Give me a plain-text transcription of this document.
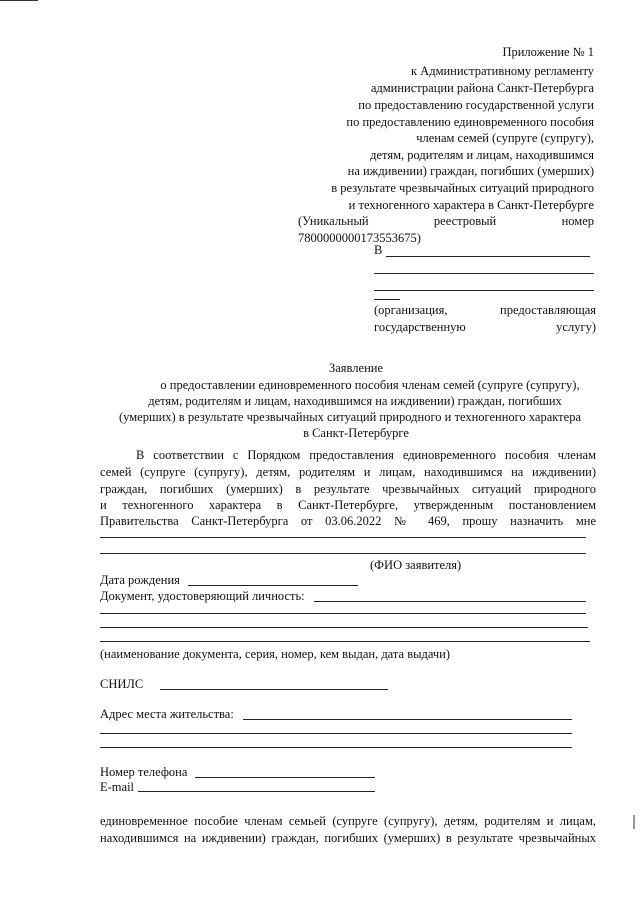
Приложение № 1
к Административному регламенту
администрации района Санкт-Петербурга
по предоставлению государственной услуги
по предоставлению единовременного пособия
членам семей (супруге (супругу),
детям, родителям и лицам, находившимся
на иждивении) граждан, погибших (умерших)
в результате чрезвычайных ситуаций природного
и техногенного характера в Санкт-Петербурге
(Уникальный реестровый номер
7800000000173553675)
В
(организация, предоставляющая государственную услугу)
Заявление
о предоставлении единовременного пособия членам семей (супруге (супругу),
детям, родителям и лицам, находившимся на иждивении) граждан, погибших
(умерших) в результате чрезвычайных ситуаций природного и техногенного характера
в Санкт-Петербурге
В соответствии с Порядком предоставления единовременного пособия членам
семей (супруге (супругу), детям, родителям и лицам, находившимся на иждивении)
граждан, погибших (умерших) в результате чрезвычайных ситуаций природного
и техногенного характера в Санкт-Петербурге, утвержденным постановлением
Правительства Санкт-Петербурга от 03.06.2022 № 469, прошу назначить мне
(ФИО заявителя)
Дата рождения
Документ, удостоверяющий личность:
(наименование документа, серия, номер, кем выдан, дата выдачи)
СНИЛС
Адрес места жительства:
Номер телефона
E-mail
единовременное пособие членам семьей (супруге (супругу), детям, родителям и лицам,
находившимся на иждивении) граждан, погибших (умерших) в результате чрезвычайных
